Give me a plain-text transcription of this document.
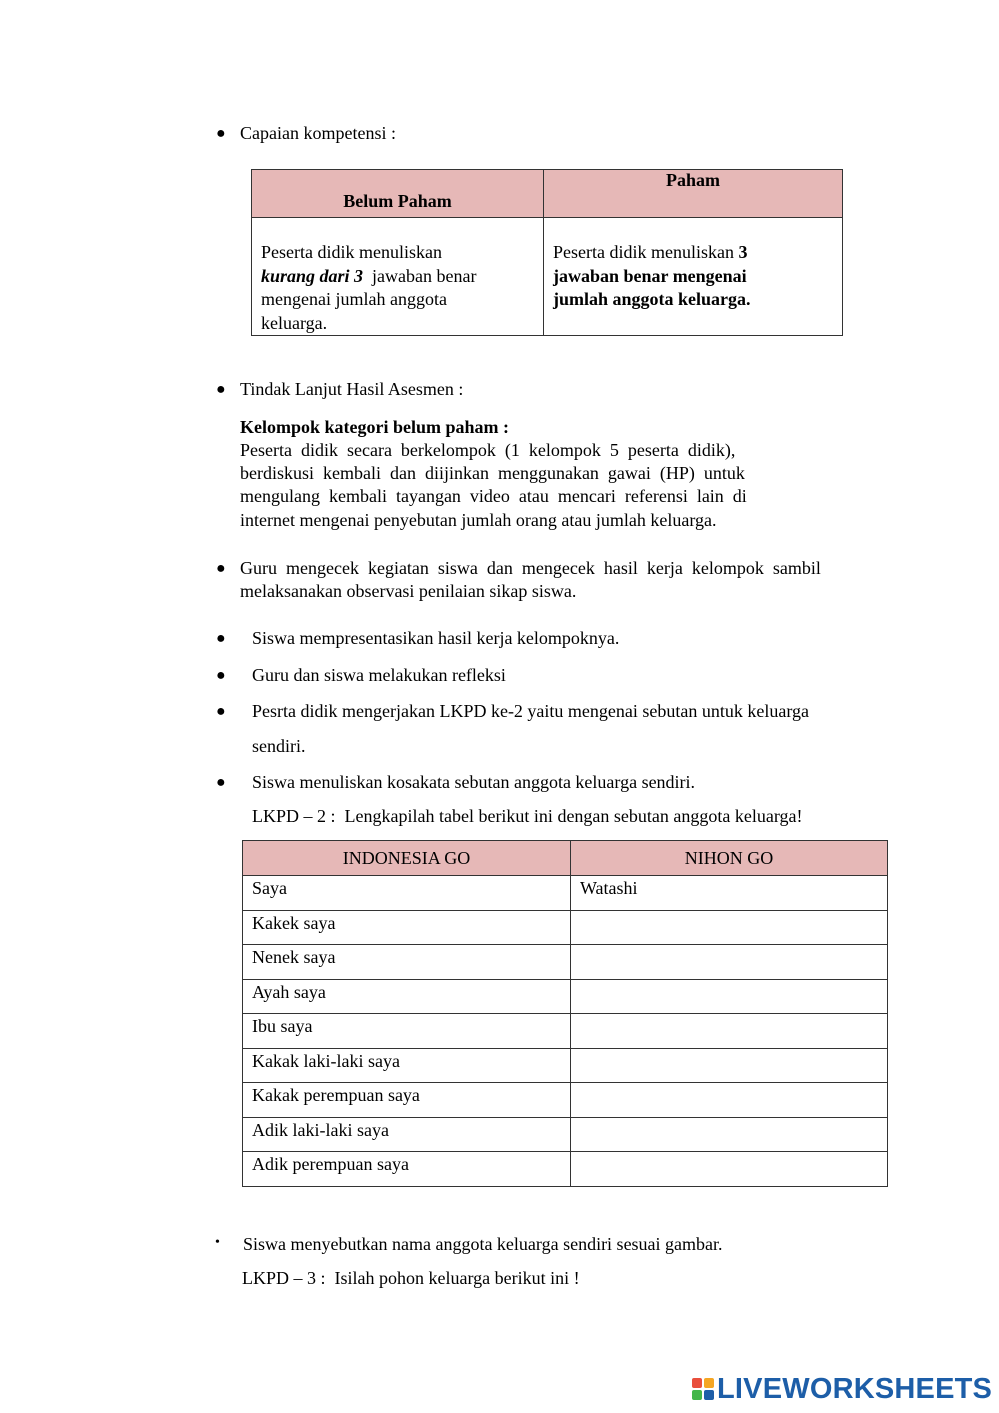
● Capaian kompetensi :
Belum Paham	Paham
Peserta didik menuliskan
kurang dari 3  jawaban benar
mengenai jumlah anggota
keluarga.	Peserta didik menuliskan 3
jawaban benar mengenai
jumlah anggota keluarga.
● Tindak Lanjut Hasil Asesmen :
Kelompok kategori belum paham :
Peserta  didik  secara  berkelompok  (1  kelompok  5  peserta  didik),
berdiskusi  kembali  dan  diijinkan  menggunakan  gawai  (HP)  untuk
mengulang  kembali  tayangan  video  atau  mencari  referensi  lain  di
internet mengenai penyebutan jumlah orang atau jumlah keluarga.
● Guru  mengecek  kegiatan  siswa  dan  mengecek  hasil  kerja  kelompok  sambil
melaksanakan observasi penilaian sikap siswa.
● Siswa mempresentasikan hasil kerja kelompoknya.
● Guru dan siswa melakukan refleksi
● Pesrta didik mengerjakan LKPD ke-2 yaitu mengenai sebutan untuk keluarga
sendiri.
● Siswa menuliskan kosakata sebutan anggota keluarga sendiri.
LKPD – 2 :  Lengkapilah tabel berikut ini dengan sebutan anggota keluarga!
INDONESIA GO	NIHON GO
Saya	Watashi
Kakek saya	
Nenek saya	
Ayah saya	
Ibu saya	
Kakak laki-laki saya	
Kakak perempuan saya	
Adik laki-laki saya	
Adik perempuan saya	
• Siswa menyebutkan nama anggota keluarga sendiri sesuai gambar.
LKPD – 3 :  Isilah pohon keluarga berikut ini !
LIVEWORKSHEETS
